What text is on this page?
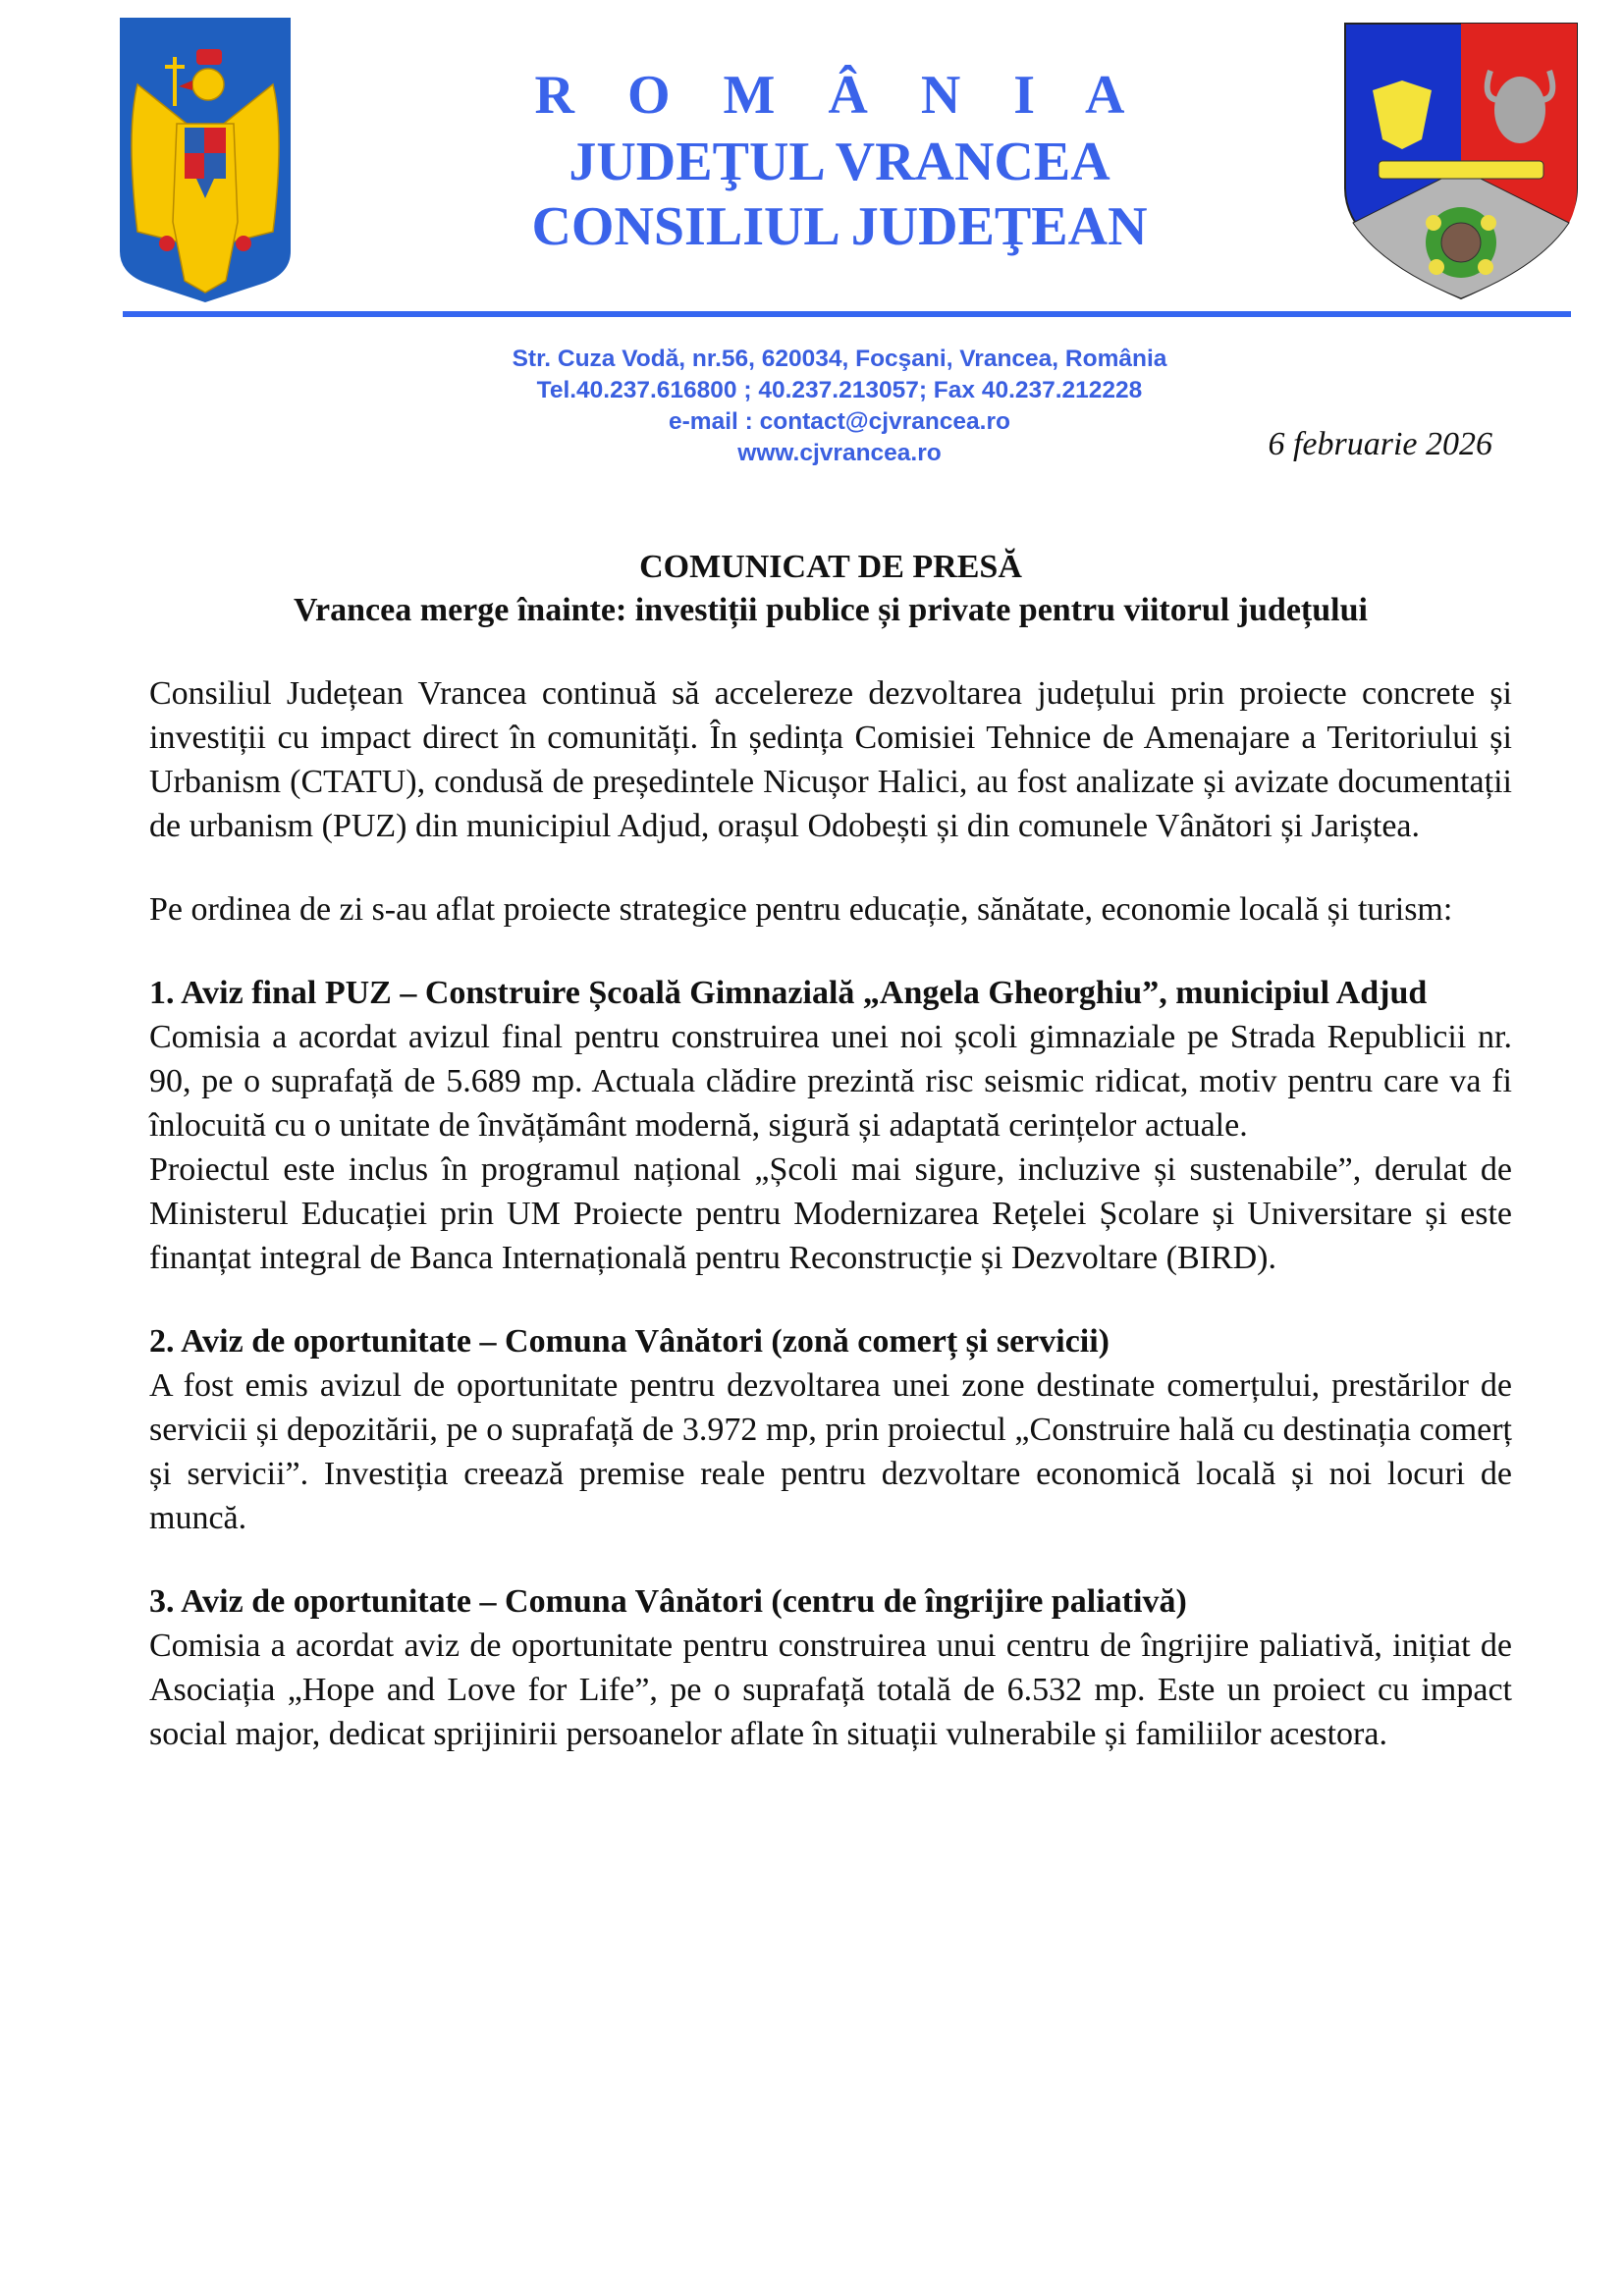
R O M Â N I A
JUDEŢUL VRANCEA
CONSILIUL JUDEŢEAN
Str. Cuza Vodă, nr.56, 620034, Focşani, Vrancea, România
Tel.40.237.616800 ; 40.237.213057; Fax 40.237.212228
e-mail : contact@cjvrancea.ro
www.cjvrancea.ro	6 februarie 2026
COMUNICAT DE PRESĂ
Vrancea merge înainte: investiții publice și private pentru viitorul județului

Consiliul Județean Vrancea continuă să accelereze dezvoltarea județului prin proiecte concrete și investiții cu impact direct în comunități. În ședința Comisiei Tehnice de Amenajare a Teritoriului și Urbanism (CTATU), condusă de președintele Nicușor Halici, au fost analizate și avizate documentații de urbanism (PUZ) din municipiul Adjud, orașul Odobești și din comunele Vânători și Jariștea.

Pe ordinea de zi s-au aflat proiecte strategice pentru educație, sănătate, economie locală și turism:

1. Aviz final PUZ – Construire Școală Gimnazială „Angela Gheorghiu”, municipiul Adjud

Comisia a acordat avizul final pentru construirea unei noi școli gimnaziale pe Strada Republicii nr. 90, pe o suprafață de 5.689 mp. Actuala clădire prezintă risc seismic ridicat, motiv pentru care va fi înlocuită cu o unitate de învățământ modernă, sigură și adaptată cerințelor actuale.

Proiectul este inclus în programul național „Școli mai sigure, incluzive și sustenabile”, derulat de Ministerul Educației prin UM Proiecte pentru Modernizarea Rețelei Școlare și Universitare și este finanțat integral de Banca Internațională pentru Reconstrucție și Dezvoltare (BIRD).

2. Aviz de oportunitate – Comuna Vânători (zonă comerț și servicii)

A fost emis avizul de oportunitate pentru dezvoltarea unei zone destinate comerțului, prestărilor de servicii și depozitării, pe o suprafață de 3.972 mp, prin proiectul „Construire hală cu destinația comerț și servicii”. Investiția creează premise reale pentru dezvoltare economică locală și noi locuri de muncă.

3. Aviz de oportunitate – Comuna Vânători (centru de îngrijire paliativă)

Comisia a acordat aviz de oportunitate pentru construirea unui centru de îngrijire paliativă, inițiat de Asociația „Hope and Love for Life”, pe o suprafață totală de 6.532 mp. Este un proiect cu impact social major, dedicat sprijinirii persoanelor aflate în situații vulnerabile și familiilor acestora.
